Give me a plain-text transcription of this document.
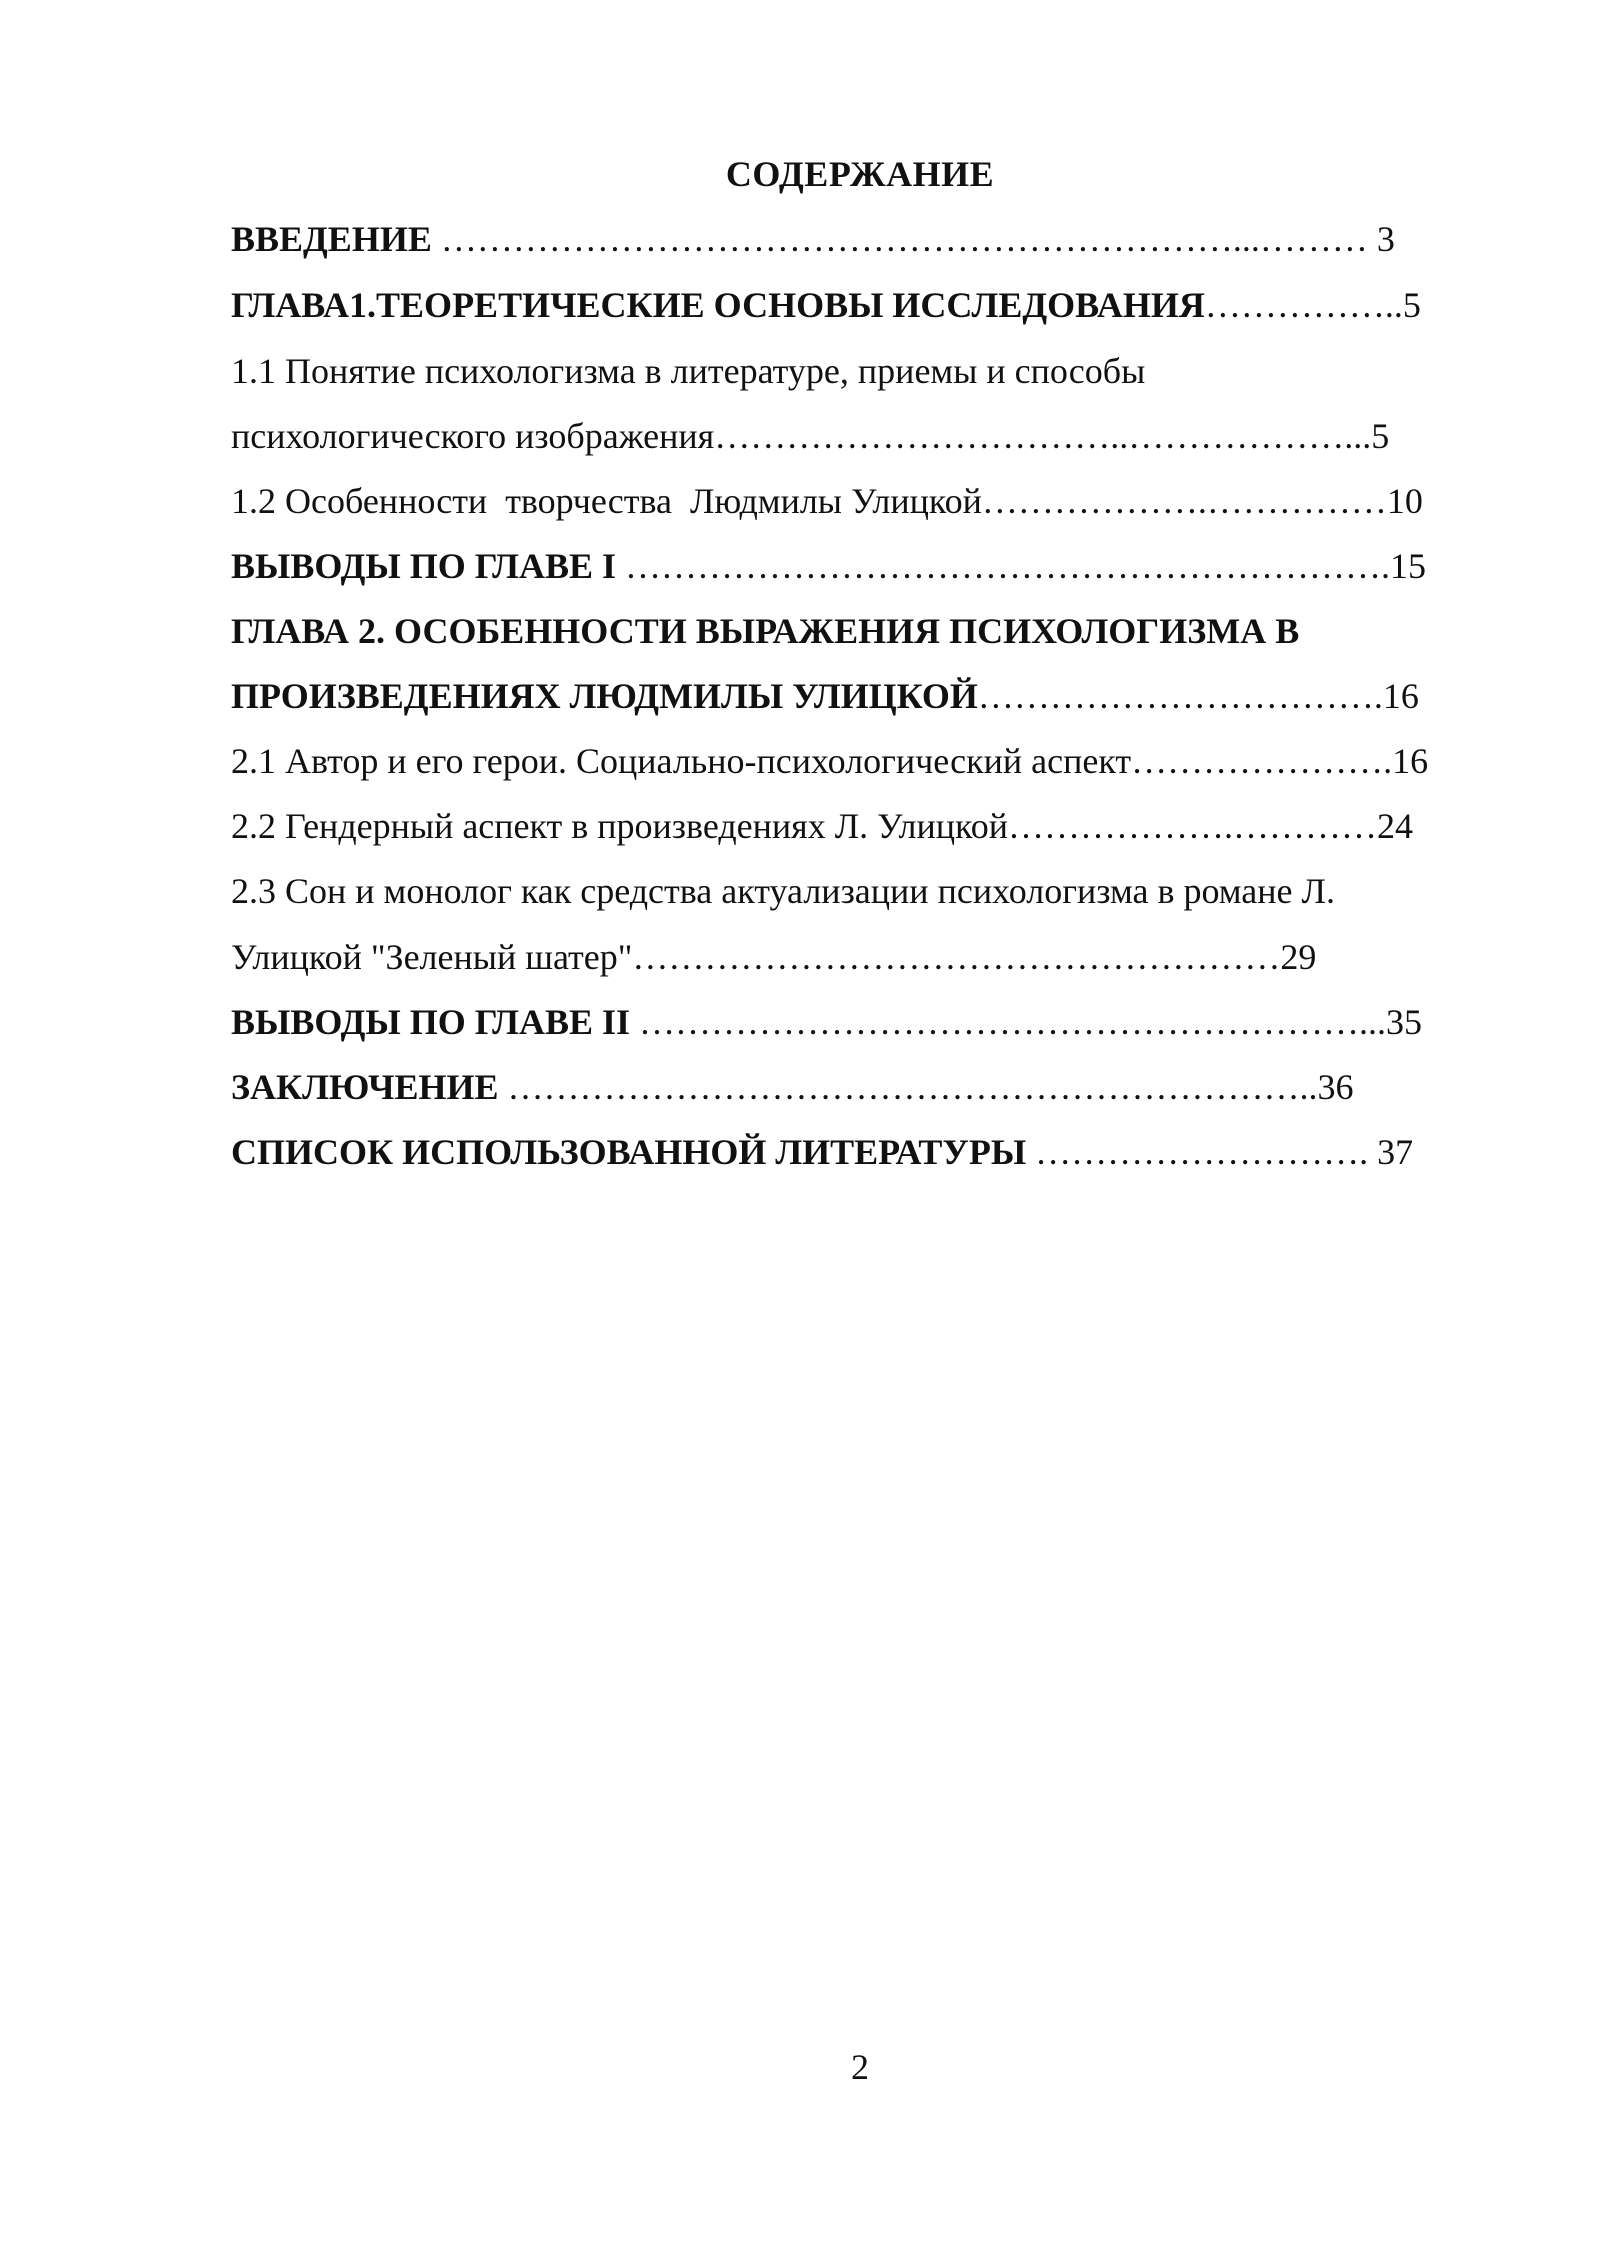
СОДЕРЖАНИЕ
ВВЕДЕНИЕ …………………………………………………………...……… 3
ГЛАВА1.ТЕОРЕТИЧЕСКИЕ ОСНОВЫ ИССЛЕДОВАНИЯ……………..5
1.1 Понятие психологизма в литературе, приемы и способы
психологического изображения……………………………..………………...5
1.2 Особенности  творчества  Людмилы Улицкой……………….……………10
ВЫВОДЫ ПО ГЛАВЕ I ……………………………………………………….15
ГЛАВА 2. ОСОБЕННОСТИ ВЫРАЖЕНИЯ ПСИХОЛОГИЗМА В
ПРОИЗВЕДЕНИЯХ ЛЮДМИЛЫ УЛИЦКОЙ…………………………….16
2.1 Автор и его герои. Социально-психологический аспект………………….16
2.2 Гендерный аспект в произведениях Л. Улицкой……………….…………24
2.3 Сон и монолог как средства актуализации психологизма в романе Л.
Улицкой "Зеленый шатер"………………………………………………29
ВЫВОДЫ ПО ГЛАВЕ II ……………………………………………………...35
ЗАКЛЮЧЕНИЕ …………………………………………………………..36
СПИСОК ИСПОЛЬЗОВАННОЙ ЛИТЕРАТУРЫ ………………………. 37
2
